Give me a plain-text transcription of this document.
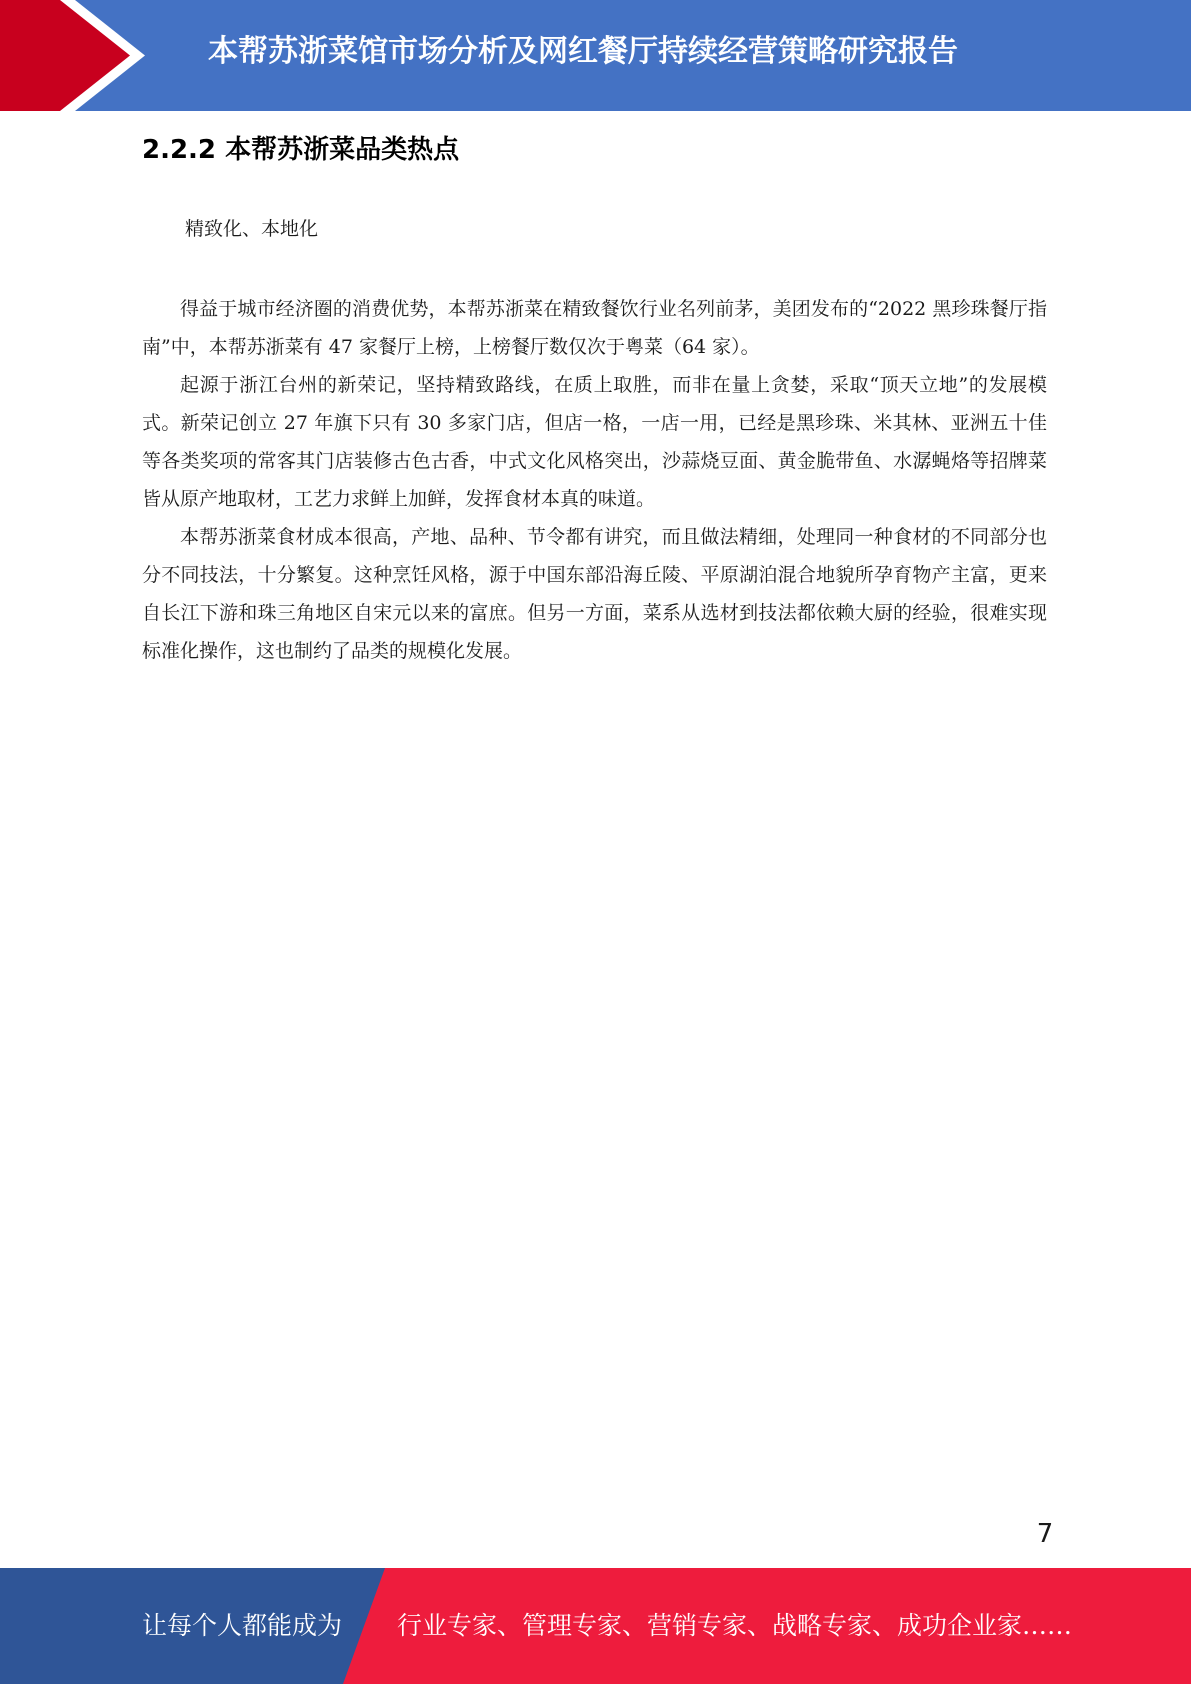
本帮苏浙菜馆市场分析及网红餐厅持续经营策略研究报告
2.2.2 本帮苏浙菜品类热点
精致化、本地化

得益于城市经济圈的消费优势，本帮苏浙菜在精致餐饮行业名列前茅，美团发布的“2022 黑珍珠餐厅指南”中，本帮苏浙菜有 47 家餐厅上榜，上榜餐厅数仅次于粤菜（64 家）。

起源于浙江台州的新荣记，坚持精致路线，在质上取胜，而非在量上贪婪，采取“顶天立地”的发展模式。新荣记创立 27 年旗下只有 30 多家门店，但店一格，一店一用，已经是黑珍珠、米其林、亚洲五十佳等各类奖项的常客其门店装修古色古香，中式文化风格突出，沙蒜烧豆面、黄金脆带鱼、水潺蝇烙等招牌菜皆从原产地取材，工艺力求鲜上加鲜，发挥食材本真的味道。

本帮苏浙菜食材成本很高，产地、品种、节令都有讲究，而且做法精细，处理同一种食材的不同部分也分不同技法，十分繁复。这种烹饪风格，源于中国东部沿海丘陵、平原湖泊混合地貌所孕育物产主富，更来自长江下游和珠三角地区自宋元以来的富庶。但另一方面，菜系从选材到技法都依赖大厨的经验，很难实现标准化操作，这也制约了品类的规模化发展。

7
让每个人都能成为 行业专家、管理专家、营销专家、战略专家、成功企业家……
